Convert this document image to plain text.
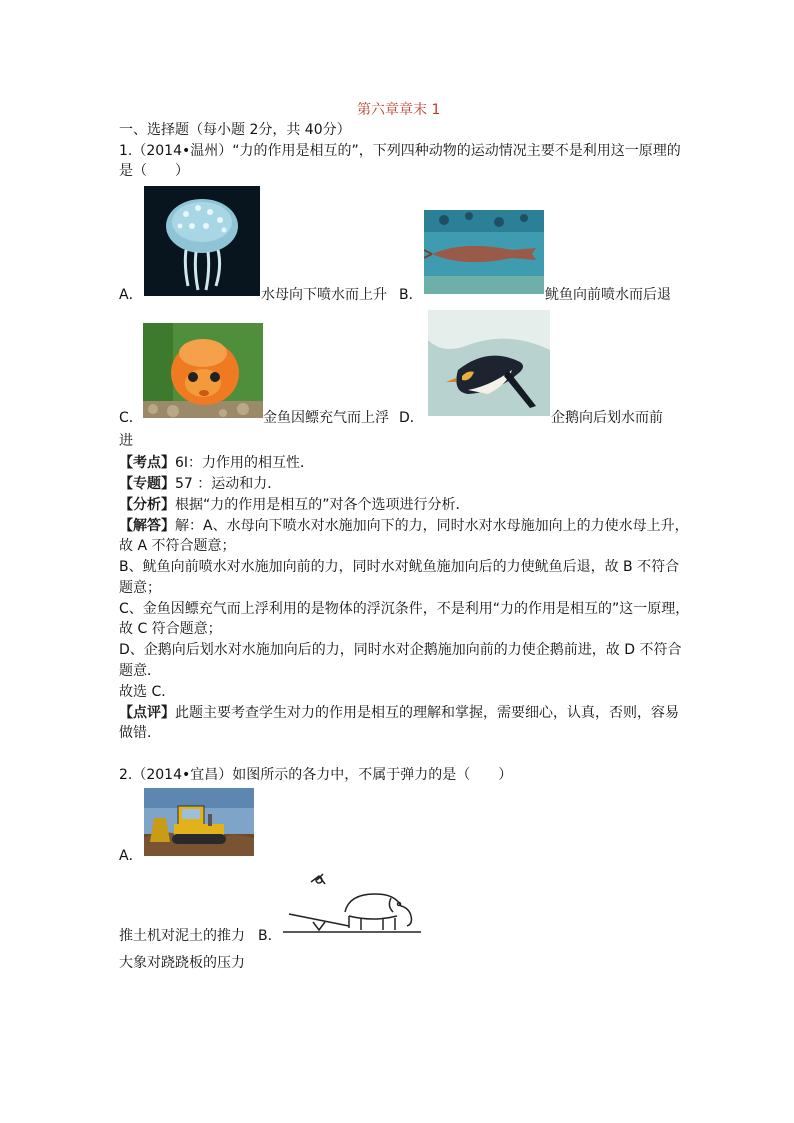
第六章章末 1
一、选择题（每小题 2分，共 40分）
1.（2014•温州）“力的作用是相互的”，下列四种动物的运动情况主要不是利用这一原理的
是（　　）
A．	水母向下喷水而上升 B．	鱿鱼向前喷水而后退
C．	金鱼因鳔充气而上浮 D．	企鹅向后划水而前
进
【考点】6I：力作用的相互性．
【专题】57 ：运动和力．
【分析】根据“力的作用是相互的”对各个选项进行分析．
【解答】解：A、水母向下喷水对水施加向下的力，同时水对水母施加向上的力使水母上升，
故 A 不符合题意；
B、鱿鱼向前喷水对水施加向前的力，同时水对鱿鱼施加向后的力使鱿鱼后退，故 B 不符合
题意；
C、金鱼因鳔充气而上浮利用的是物体的浮沉条件，不是利用“力的作用是相互的”这一原理，
故 C 符合题意；
D、企鹅向后划水对水施加向后的力，同时水对企鹅施加向前的力使企鹅前进，故 D 不符合
题意．
故选 C．
【点评】此题主要考查学生对力的作用是相互的理解和掌握，需要细心，认真，否则，容易
做错．
2.（2014•宜昌）如图所示的各力中，不属于弹力的是（　　）
A．
推土机对泥土的推力 B．
大象对跷跷板的压力
